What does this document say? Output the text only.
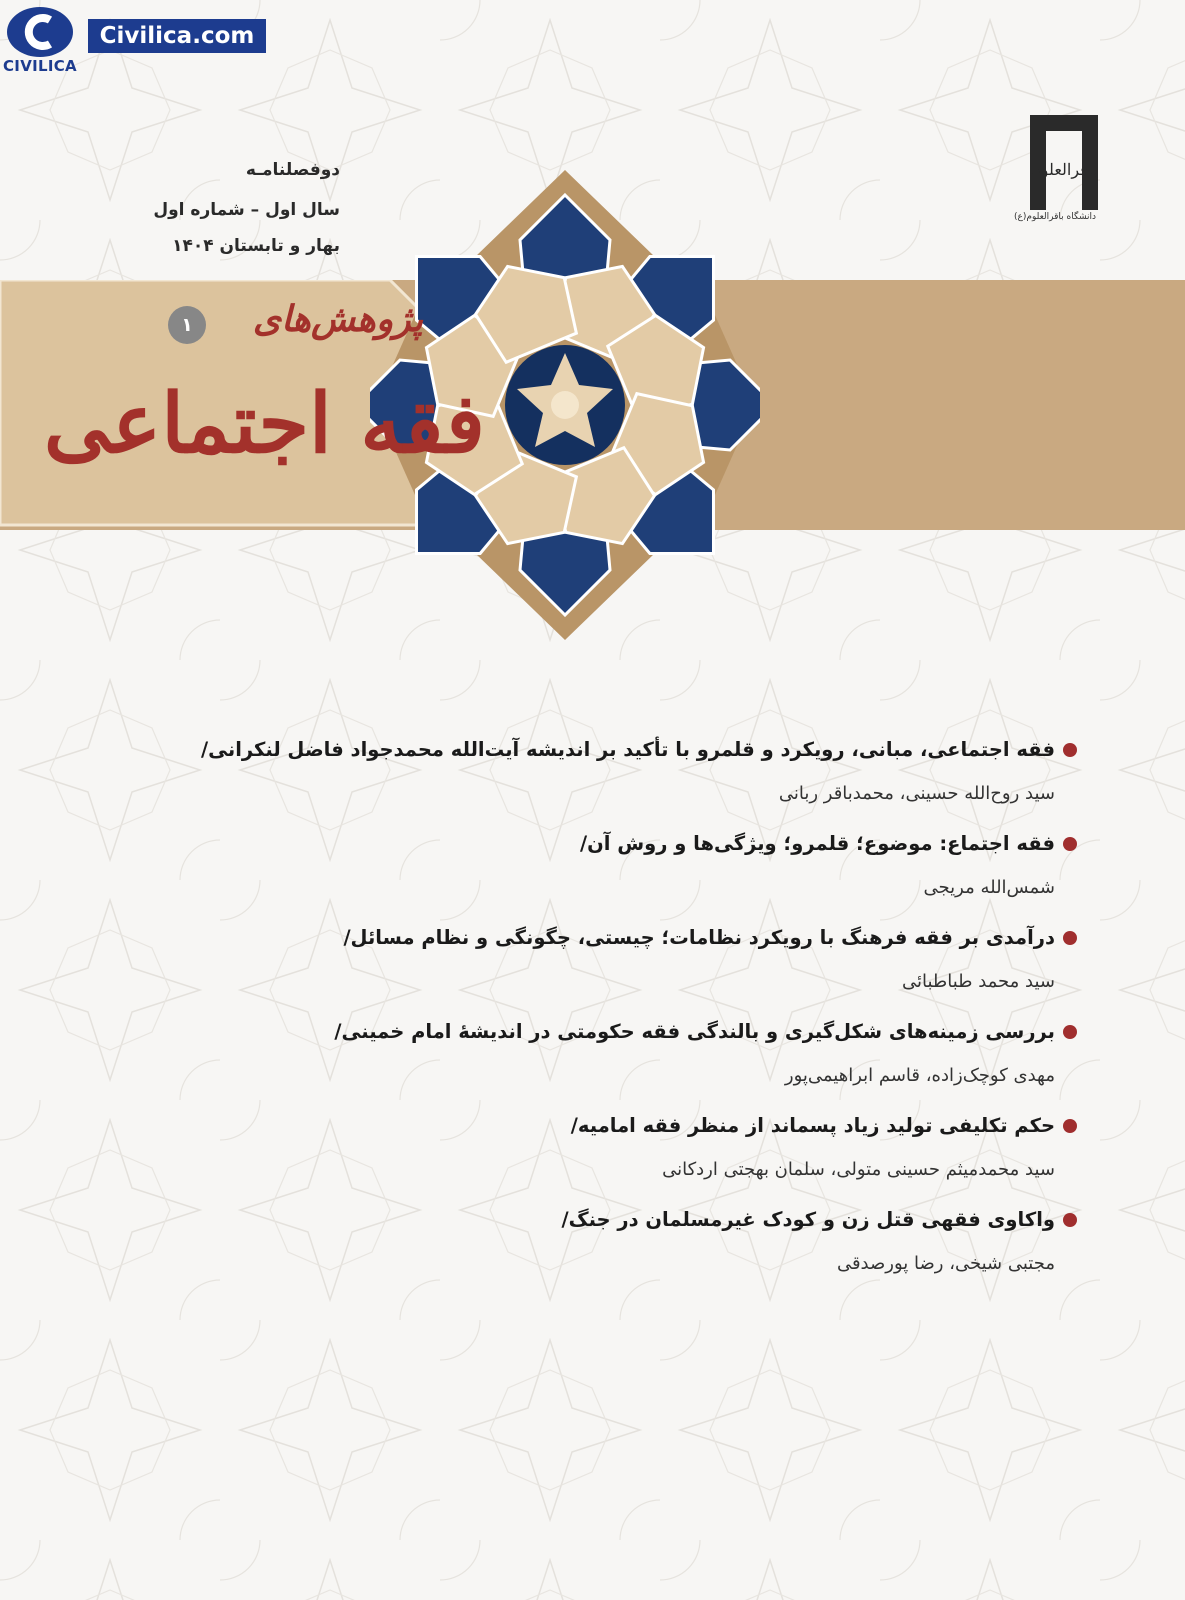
CIVILICA
Civilica.com
باقرالعلوم
دانشگاه باقرالعلوم(ع)
دوفصلنامـه
سال اول – شماره اول
بهار و تابستان ۱۴۰۴
۱	پژوهش‌های
فقه اجتماعی
فقه اجتماعی، مبانی، رویکرد و قلمرو با تأکید بر اندیشه آیت‌الله محمدجواد فاضل لنکرانی/
سید روح‌الله حسینی، محمدباقر ربانی
فقه اجتماع: موضوع؛ قلمرو؛ ویژگی‌ها و روش آن/
شمس‌الله مریجی
درآمدی بر فقه فرهنگ با رویکرد نظامات؛ چیستی، چگونگی و نظام مسائل/
سید محمد طباطبائی
بررسی زمینه‌های شکل‌گیری و بالندگی فقه حکومتی در اندیشهٔ امام خمینی/
مهدی کوچک‌زاده، قاسم ابراهیمی‌پور
حکم تکلیفی تولید زیاد پسماند از منظر فقه امامیه/
سید محمدمیثم حسینی متولی، سلمان بهجتی اردکانی
واکاوی فقهی قتل زن و کودک غیرمسلمان در جنگ/
مجتبی شیخی، رضا پورصدقی
